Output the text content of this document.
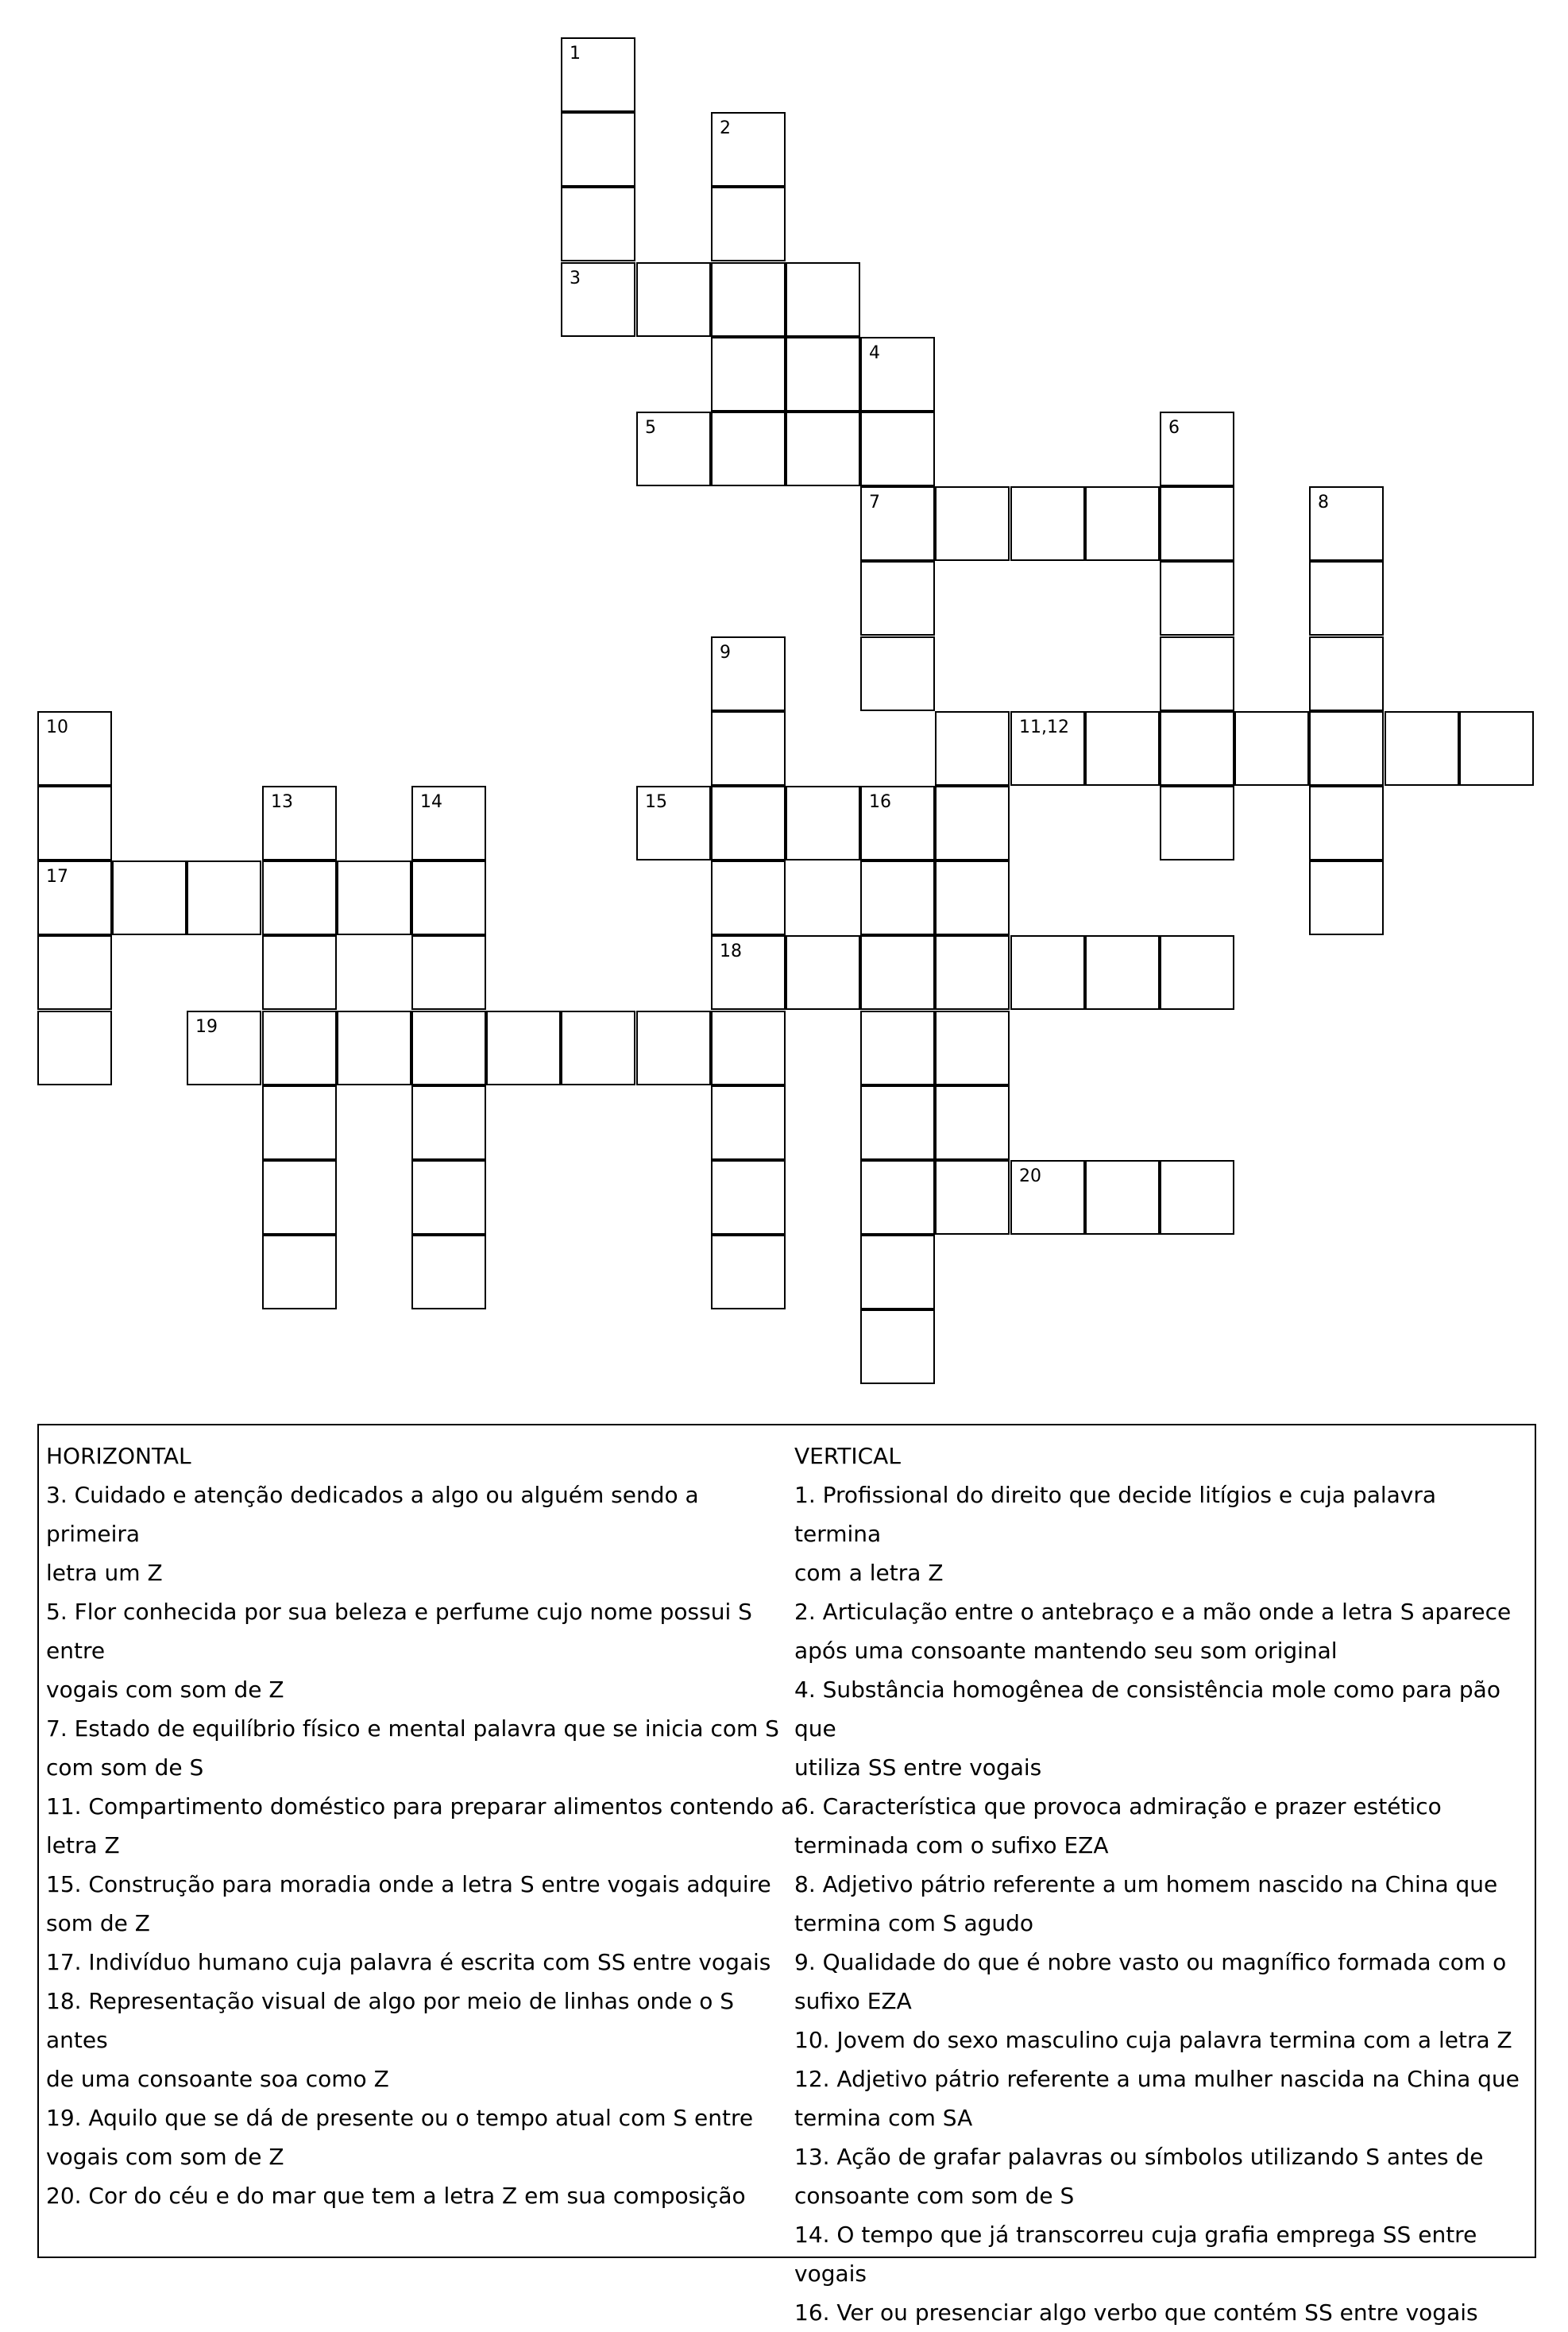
1
3
2
4
5
7
6
8
9
18
10
17
11,12
13	14	15	16
19
20
HORIZONTAL
3. Cuidado e atenção dedicados a algo ou alguém sendo a primeira
letra um Z
5. Flor conhecida por sua beleza e perfume cujo nome possui S entre
vogais com som de Z
7. Estado de equilíbrio físico e mental palavra que se inicia com S
com som de S
11. Compartimento doméstico para preparar alimentos contendo a
letra Z
15. Construção para moradia onde a letra S entre vogais adquire
som de Z
17. Indivíduo humano cuja palavra é escrita com SS entre vogais
18. Representação visual de algo por meio de linhas onde o S antes
de uma consoante soa como Z
19. Aquilo que se dá de presente ou o tempo atual com S entre
vogais com som de Z
20. Cor do céu e do mar que tem a letra Z em sua composição
VERTICAL
1. Profissional do direito que decide litígios e cuja palavra termina
com a letra Z
2. Articulação entre o antebraço e a mão onde a letra S aparece
após uma consoante mantendo seu som original
4. Substância homogênea de consistência mole como para pão que
utiliza SS entre vogais
6. Característica que provoca admiração e prazer estético
terminada com o sufixo EZA
8. Adjetivo pátrio referente a um homem nascido na China que
termina com S agudo
9. Qualidade do que é nobre vasto ou magnífico formada com o
sufixo EZA
10. Jovem do sexo masculino cuja palavra termina com a letra Z
12. Adjetivo pátrio referente a uma mulher nascida na China que
termina com SA
13. Ação de grafar palavras ou símbolos utilizando S antes de
consoante com som de S
14. O tempo que já transcorreu cuja grafia emprega SS entre vogais
16. Ver ou presenciar algo verbo que contém SS entre vogais
